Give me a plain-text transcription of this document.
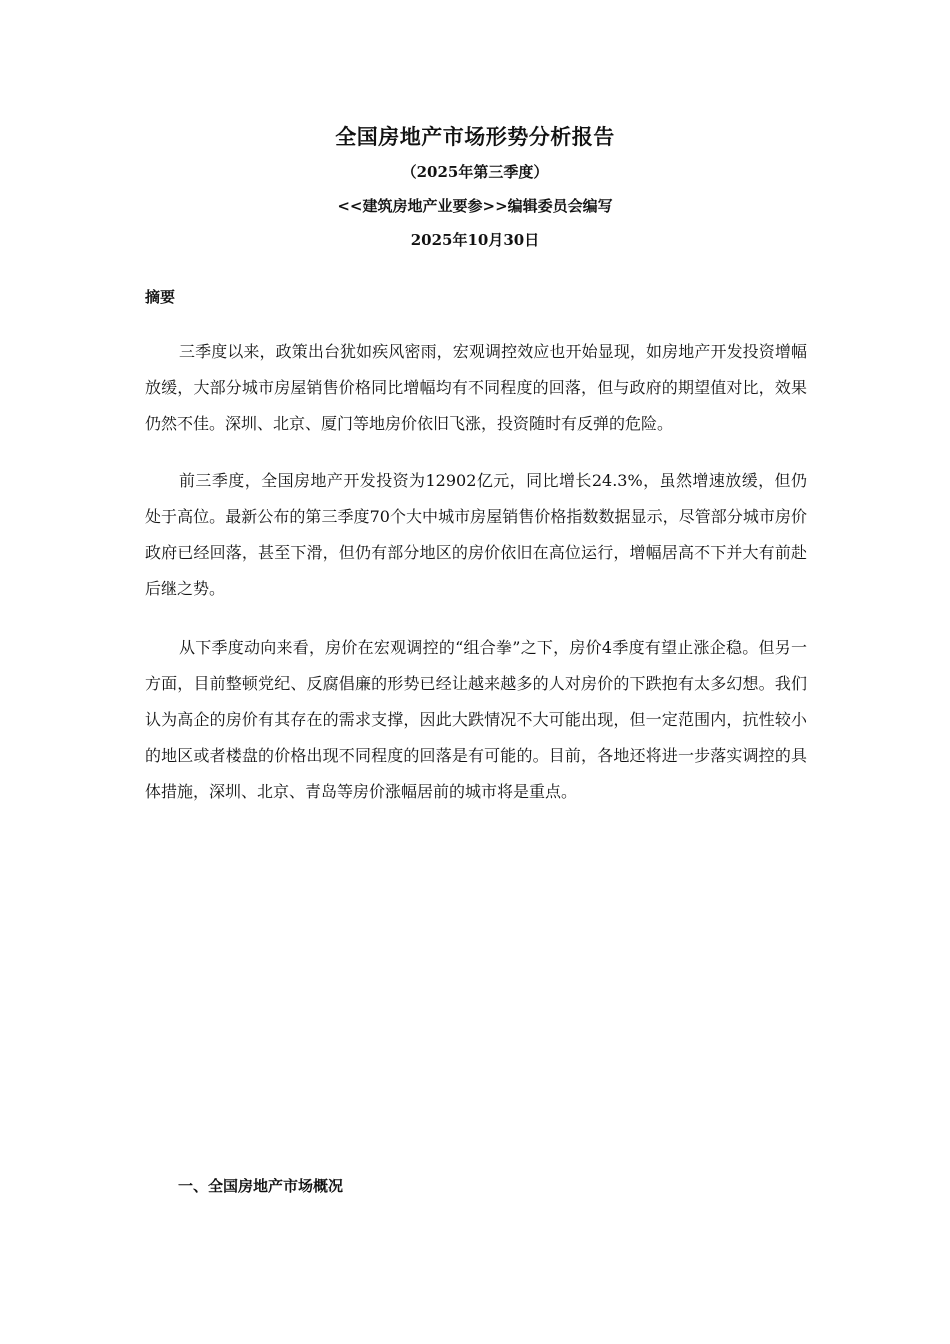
全国房地产市场形势分析报告
（2025年第三季度）
<<建筑房地产业要参>>编辑委员会编写
2025年10月30日
摘要

三季度以来，政策出台犹如疾风密雨，宏观调控效应也开始显现，如房地产开发投资增幅放缓，大部分城市房屋销售价格同比增幅均有不同程度的回落，但与政府的期望值对比，效果仍然不佳。深圳、北京、厦门等地房价依旧飞涨，投资随时有反弹的危险。

前三季度，全国房地产开发投资为12902亿元，同比增长24.3%，虽然增速放缓，但仍处于高位。最新公布的第三季度70个大中城市房屋销售价格指数数据显示，尽管部分城市房价政府已经回落，甚至下滑，但仍有部分地区的房价依旧在高位运行，增幅居高不下并大有前赴后继之势。

从下季度动向来看，房价在宏观调控的“组合拳”之下，房价4季度有望止涨企稳。但另一方面，目前整顿党纪、反腐倡廉的形势已经让越来越多的人对房价的下跌抱有太多幻想。我们认为高企的房价有其存在的需求支撑，因此大跌情况不大可能出现，但一定范围内，抗性较小的地区或者楼盘的价格出现不同程度的回落是有可能的。目前，各地还将进一步落实调控的具体措施，深圳、北京、青岛等房价涨幅居前的城市将是重点。

一、全国房地产市场概况
